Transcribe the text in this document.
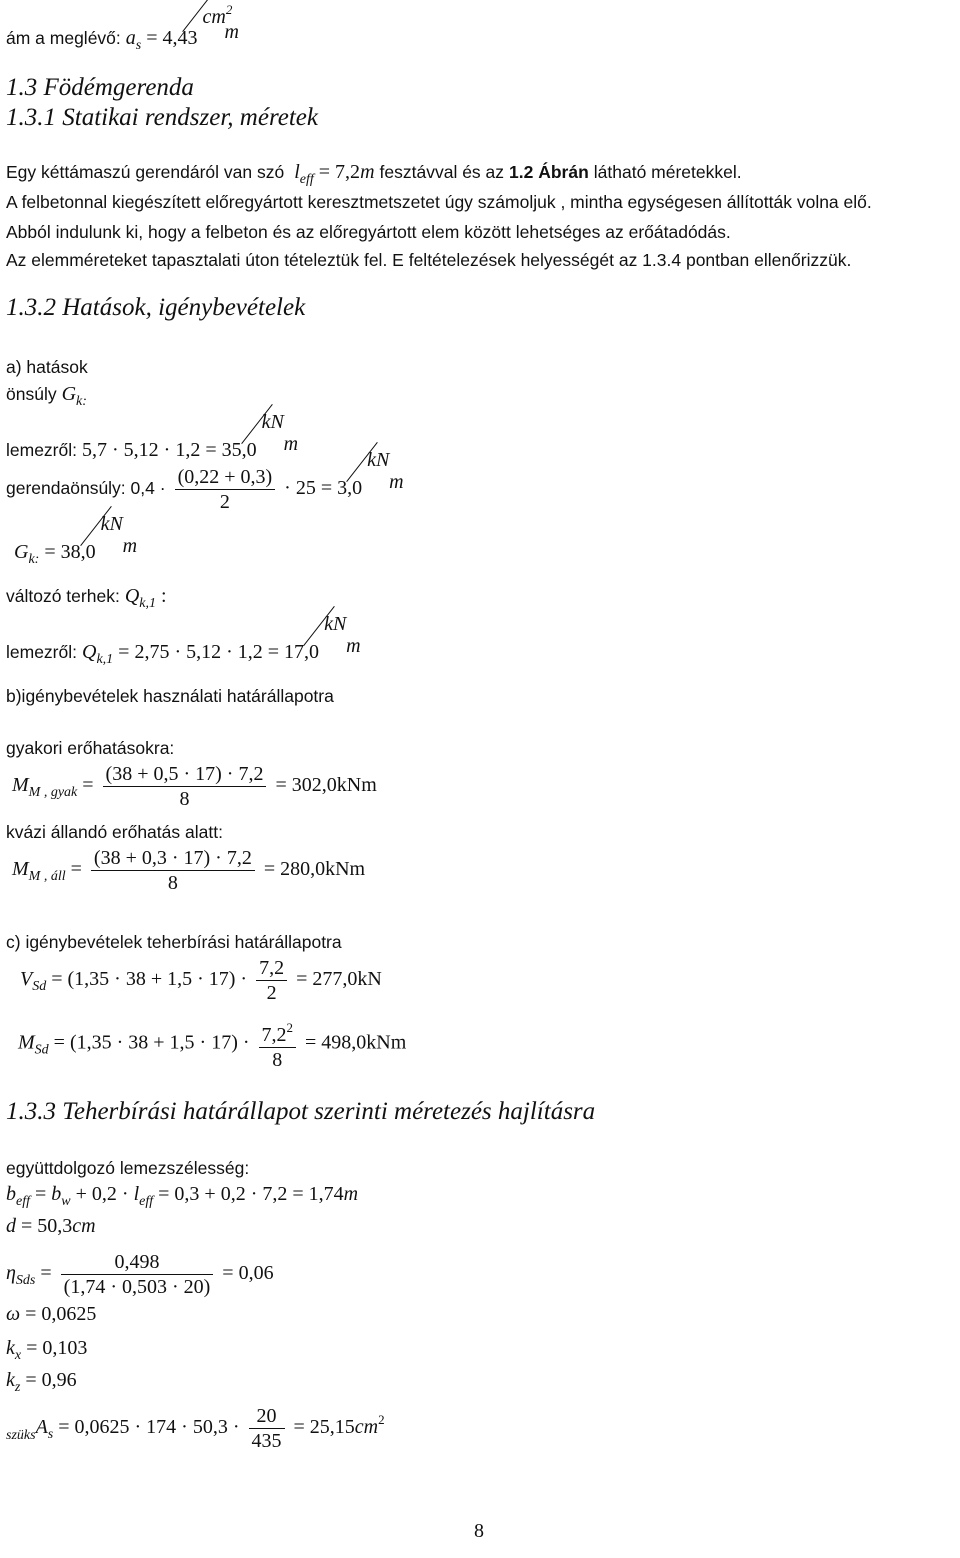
ám a meglévő: $a_s = 4,43$
$cm^2$
m
1.3 Födémgerenda
1.3.1 Statikai rendszer, méretek
Egy kéttámaszú gerendáról van szó  $l_{eff} = 7,2m$ fesztávval és az 1.2 Ábrán látható méretekkel.
A felbetonnal kiegészített előregyártott keresztmetszetet úgy számoljuk , mintha egységesen állították volna elő.
Abból indulunk ki, hogy a felbeton és az előregyártott elem között lehetséges az erőátadódás.
Az elemméreteket tapasztalati úton tételeztük fel. E feltételezések helyességét az 1.3.4 pontban ellenőrizzük.
1.3.2 Hatások, igénybevételek
a) hatások
önsúly $G_{k:}$
lemezről: 5,7 · 5,12 · 1,2 = 35,0
kN
m
gerendaönsúly: $0,4 \cdot \frac{(0,22 + 0,3)}{2} \cdot 25 = 3,0$
kN
m
$G_{k:} = 38,0$
kN
m
változó terhek: $Q_{k,1}$ :
lemezről: $Q_{k,1} = 2,75 \cdot 5,12 \cdot 1,2 = 17,0$
kN
m
b)igénybevételek használati határállapotra
gyakori erőhatásokra:
$M_{M , gyak} = \frac{(38 + 0,5 \cdot 17) \cdot 7,2}{8} = 302,0kNm$
kvázi állandó erőhatás alatt:
$M_{M , áll} = \frac{(38 + 0,3 \cdot 17) \cdot 7,2}{8} = 280,0kNm$
c) igénybevételek teherbírási határállapotra
$V_{Sd} = (1,35 \cdot 38 + 1,5 \cdot 17) \cdot \frac{7,2}{2} = 277,0kN$
$M_{Sd} = (1,35 \cdot 38 + 1,5 \cdot 17) \cdot \frac{7,2^2}{8} = 498,0kNm$
1.3.3 Teherbírási határállapot szerinti méretezés hajlításra
együttdolgozó lemezszélesség:
$b_{eff} = b_w + 0,2 \cdot l_{eff} = 0,3 + 0,2 \cdot 7,2 = 1,74m$
d = 50,3cm
$\eta_{Sds} = \frac{0,498}{(1,74 \cdot 0,503 \cdot 20)} = 0,06$
ω = 0,0625
$k_x = 0,103$
$k_z = 0,96$
$_{szüks}A_s = 0,0625 \cdot 174 \cdot 50,3 \cdot \frac{20}{435} = 25,15cm^2$
8
